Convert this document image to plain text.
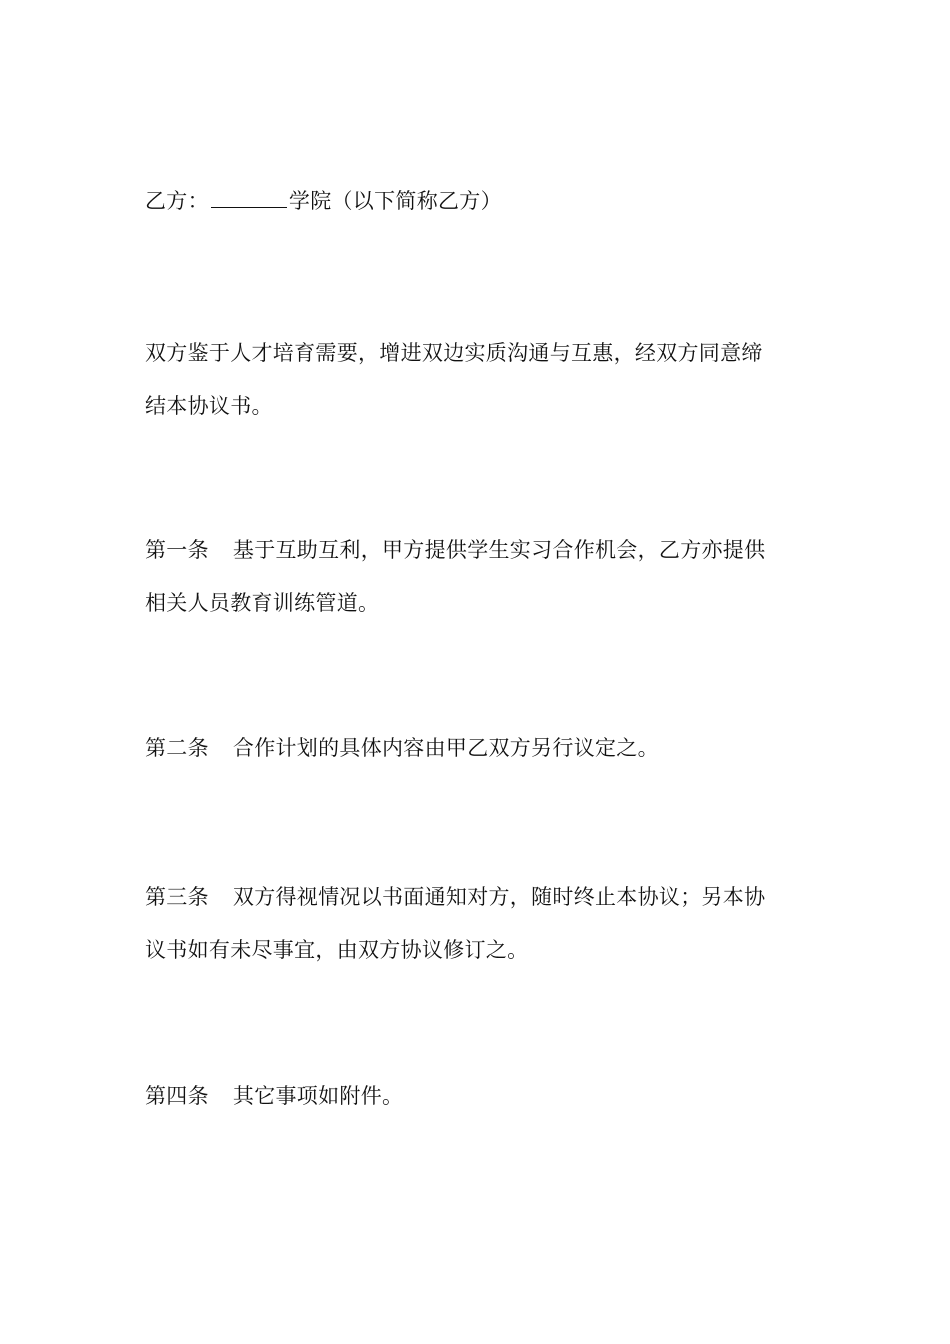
乙方：	学院（以下简称乙方）

双方鉴于人才培育需要，增进双边实质沟通与互惠，经双方同意缔
结本协议书。

第一条 基于互助互利，甲方提供学生实习合作机会，乙方亦提供
相关人员教育训练管道。

第二条 合作计划的具体内容由甲乙双方另行议定之。

第三条 双方得视情况以书面通知对方，随时终止本协议；另本协
议书如有未尽事宜，由双方协议修订之。

第四条 其它事项如附件。
